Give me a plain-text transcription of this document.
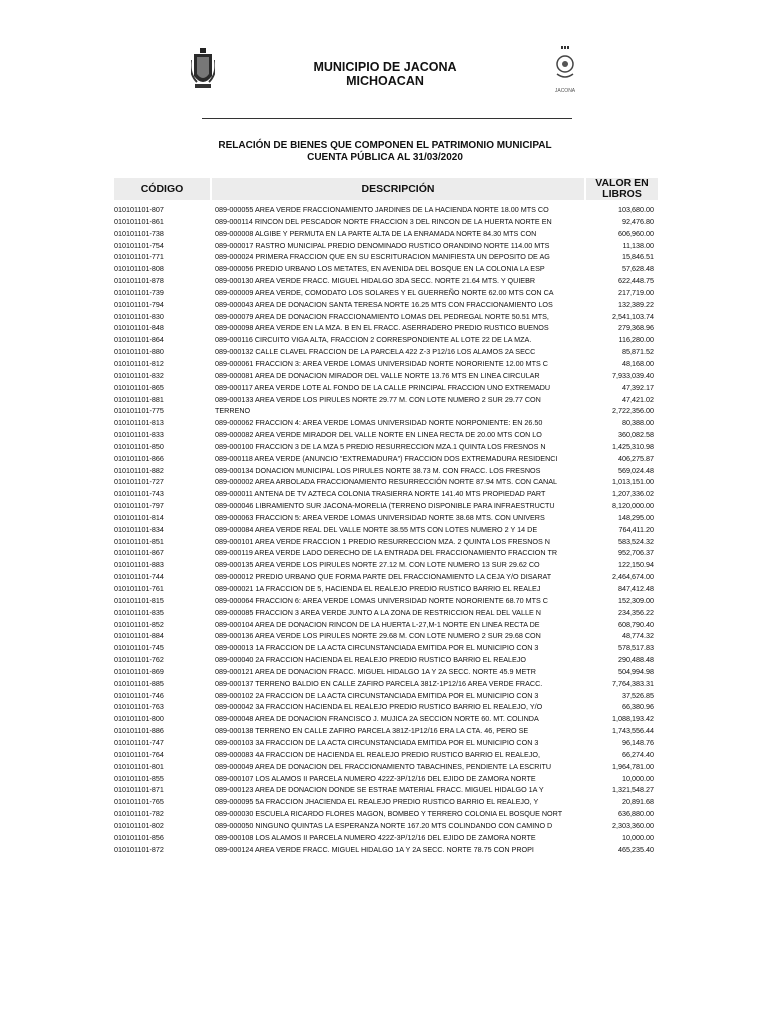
JACONA
MUNICIPIO DE JACONA
MICHOACAN
RELACIÓN DE BIENES QUE COMPONEN EL PATRIMONIO MUNICIPAL
CUENTA PÚBLICA AL 31/03/2020
CÓDIGO	DESCRIPCIÓN	VALOR EN LIBROS
010101101-807	089-000055 AREA VERDE FRACCIONAMIENTO JARDINES DE LA HACIENDA NORTE 18.00 MTS CO	103,680.00
010101101-861	089-000114 RINCON DEL PESCADOR NORTE FRACCION 3 DEL RINCON DE LA HUERTA NORTE EN	92,476.80
010101101-738	089-000008 ALGIBE Y PERMUTA EN LA PARTE ALTA DE LA ENRAMADA NORTE 84.30 MTS CON	606,960.00
010101101-754	089-000017 RASTRO MUNICIPAL PREDIO DENOMINADO RUSTICO ORANDINO NORTE 114.00 MTS	11,138.00
010101101-771	089-000024 PRIMERA FRACCION QUE EN SU ESCRITURACION MANIFIESTA UN DEPOSITO DE AG	15,846.51
010101101-808	089-000056 PREDIO URBANO LOS METATES, EN AVENIDA DEL BOSQUE EN LA COLONIA LA ESP	57,628.48
010101101-878	089-000130 AREA VERDE FRACC. MIGUEL HIDALGO 3DA SECC. NORTE 21.64 MTS. Y QUIEBR	622,448.75
010101101-739	089-000009 AREA VERDE, COMODATO LOS SOLARES Y EL GUERREÑO NORTE 62.00 MTS CON CA	217,719.00
010101101-794	089-000043 AREA DE DONACION SANTA TERESA NORTE 16.25 MTS CON FRACCIONAMIENTO LOS	132,389.22
010101101-830	089-000079 AREA DE DONACION FRACCIONAMIENTO LOMAS DEL PEDREGAL NORTE 50.51 MTS,	2,541,103.74
010101101-848	089-000098 AREA VERDE EN LA MZA. B EN EL FRACC. ASERRADERO PREDIO RUSTICO BUENOS	279,368.96
010101101-864	089-000116 CIRCUITO VIGA ALTA, FRACCION 2 CORRESPONDIENTE AL LOTE 22 DE LA MZA.	116,280.00
010101101-880	089-000132 CALLE CLAVEL FRACCION DE LA PARCELA 422 Z-3 P12/16 LOS ALAMOS 2A SECC	85,871.52
010101101-812	089-000061 FRACCION 3: AREA VERDE LOMAS UNIVERSIDAD NORTE NORORIENTE 12.00 MTS C	48,168.00
010101101-832	089-000081 AREA DE DONACION MIRADOR DEL VALLE NORTE 13.76 MTS EN LINEA CIRCULAR	7,933,039.40
010101101-865	089-000117 AREA VERDE LOTE AL FONDO DE LA CALLE PRINCIPAL FRACCION UNO EXTREMADU	47,392.17
010101101-881	089-000133 AREA VERDE LOS PIRULES NORTE 29.77 M. CON LOTE NUMERO 2 SUR 29.77 CON	47,421.02
010101101-775	TERRENO	2,722,356.00
010101101-813	089-000062 FRACCION 4: AREA VERDE LOMAS UNIVERSIDAD NORTE NORPONIENTE: EN 26.50	80,388.00
010101101-833	089-000082 AREA VERDE MIRADOR DEL VALLE NORTE EN LINEA RECTA DE 20.00 MTS CON LO	360,082.58
010101101-850	089-000100 FRACCION 3 DE LA MZA 5 PREDIO RESURRECCION MZA.1 QUINTA LOS FRESNOS N	1,425,310.98
010101101-866	089-000118 AREA VERDE (ANUNCIO "EXTREMADURA") FRACCION DOS EXTREMADURA RESIDENCI	406,275.87
010101101-882	089-000134 DONACION MUNICIPAL LOS PIRULES NORTE 38.73 M. CON FRACC. LOS FRESNOS	569,024.48
010101101-727	089-000002 AREA ARBOLADA FRACCIONAMIENTO RESURRECCIÓN NORTE 87.94 MTS. CON CANAL	1,013,151.00
010101101-743	089-000011 ANTENA DE TV AZTECA COLONIA TRASIERRA NORTE 141.40 MTS PROPIEDAD PART	1,207,336.02
010101101-797	089-000046 LIBRAMIENTO SUR JACONA-MORELIA (TERRENO DISPONIBLE PARA INFRAESTRUCTU	8,120,000.00
010101101-814	089-000063 FRACCION 5: AREA VERDE LOMAS UNIVERSIDAD NORTE 38.68 MTS. CON UNIVERS	148,295.00
010101101-834	089-000084 AREA VERDE REAL DEL VALLE NORTE 38.55 MTS CON LOTES NUMERO 2 Y 14 DE	764,411.20
010101101-851	089-000101 AREA VERDE FRACCION 1 PREDIO RESURRECCION MZA. 2 QUINTA LOS FRESNOS N	583,524.32
010101101-867	089-000119 AREA VERDE LADO DERECHO DE LA ENTRADA DEL FRACCIONAMIENTO FRACCION TR	952,706.37
010101101-883	089-000135 AREA VERDE LOS PIRULES NORTE 27.12 M. CON LOTE NUMERO 13 SUR 29.62 CO	122,150.94
010101101-744	089-000012 PREDIO URBANO QUE FORMA PARTE DEL FRACCIONAMIENTO LA CEJA Y/O DISARAT	2,464,674.00
010101101-761	089-000021 1A FRACCION DE 5, HACIENDA EL REALEJO PREDIO RUSTICO BARRIO EL REALEJ	847,412.48
010101101-815	089-000064 FRACCION 6: AREA VERDE LOMAS UNIVERSIDAD NORTE NORORIENTE 68.70 MTS C	152,309.00
010101101-835	089-000085 FRACCION 3 AREA VERDE JUNTO A LA ZONA DE RESTRICCION REAL DEL VALLE N	234,356.22
010101101-852	089-000104 AREA DE DONACION RINCON DE LA HUERTA L-27,M-1 NORTE EN LINEA RECTA DE	608,790.40
010101101-884	089-000136 AREA VERDE LOS PIRULES NORTE 29.68 M. CON LOTE NUMERO 2 SUR 29.68 CON	48,774.32
010101101-745	089-000013 1A FRACCION DE LA ACTA CIRCUNSTANCIADA EMITIDA POR EL MUNICIPIO CON 3	578,517.83
010101101-762	089-000040 2A FRACCION HACIENDA EL REALEJO PREDIO RUSTICO BARRIO EL REALEJO	290,488.48
010101101-869	089-000121 AREA DE DONACION FRACC. MIGUEL HIDALGO 1A Y 2A SECC. NORTE 45.9 METR	504,994.98
010101101-885	089-000137 TERRENO BALDIO EN CALLE ZAFIRO PARCELA 381Z-1P12/16 AREA VERDE FRACC.	7,764,383.31
010101101-746	089-000102 2A FRACCION DE LA ACTA CIRCUNSTANCIADA EMITIDA POR EL MUNICIPIO CON 3	37,526.85
010101101-763	089-000042 3A FRACCION HACIENDA EL REALEJO PREDIO RUSTICO BARRIO EL REALEJO, Y/O	66,380.96
010101101-800	089-000048 AREA DE DONACION FRANCISCO J. MUJICA 2A SECCION NORTE 60. MT. COLINDA	1,088,193.42
010101101-886	089-000138 TERRENO EN CALLE ZAFIRO PARCELA 381Z-1P12/16 ERA LA CTA. 46, PERO SE	1,743,556.44
010101101-747	089-000103 3A FRACCION DE LA ACTA CIRCUNSTANCIADA EMITIDA POR EL MUNICIPIO CON 3	96,148.76
010101101-764	089-000083 4A FRACCION DE HACIENDA EL REALEJO PREDIO RUSTICO BARRIO EL REALEJO,	66,274.40
010101101-801	089-000049 AREA DE DONACION DEL FRACCIONAMIENTO TABACHINES, PENDIENTE LA ESCRITU	1,964,781.00
010101101-855	089-000107 LOS ALAMOS II PARCELA NUMERO 422Z-3P/12/16 DEL EJIDO DE ZAMORA NORTE	10,000.00
010101101-871	089-000123 AREA DE DONACION DONDE SE ESTRAE MATERIAL FRACC. MIGUEL HIDALGO 1A Y	1,321,548.27
010101101-765	089-000095 5A FRACCION JHACIENDA EL REALEJO PREDIO RUSTICO BARRIO EL REALEJO, Y	20,891.68
010101101-782	089-000030 ESCUELA RICARDO FLORES MAGON, BOMBEO Y TERRERO COLONIA EL BOSQUE NORT	636,880.00
010101101-802	089-000050 NINGUNO QUINTAS LA ESPERANZA NORTE 167.20 MTS COLINDANDO CON CAMINO D	2,303,360.00
010101101-856	089-000108 LOS ALAMOS II PARCELA NUMERO 422Z-3P/12/16 DEL EJIDO DE ZAMORA NORTE	10,000.00
010101101-872	089-000124 AREA VERDE FRACC. MIGUEL HIDALGO 1A Y 2A SECC. NORTE 78.75 CON PROPI	465,235.40
